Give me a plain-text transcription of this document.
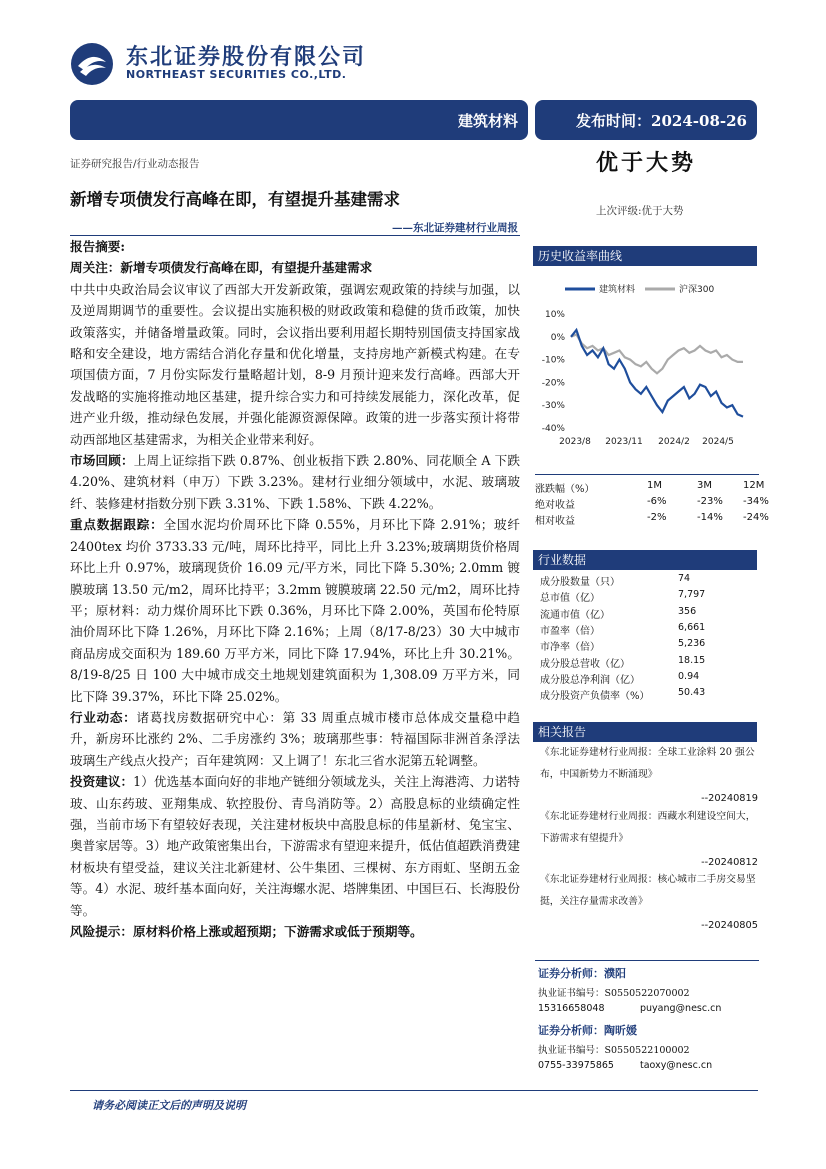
东北证券股份有限公司
NORTHEAST SECURITIES CO.,LTD.
建筑材料	发布时间：2024-08-26
证券研究报告/行业动态报告	优于大势
上次评级:优于大势
新增专项债发行高峰在即，有望提升基建需求
——东北证券建材行业周报

报告摘要:

周关注：新增专项债发行高峰在即，有望提升基建需求

中共中央政治局会议审议了西部大开发新政策，强调宏观政策的持续与加强，以及逆周期调节的重要性。会议提出实施积极的财政政策和稳健的货币政策，加快政策落实，并储备增量政策。同时，会议指出要利用超长期特别国债支持国家战略和安全建设，地方需结合消化存量和优化增量，支持房地产新模式构建。在专项国债方面，7 月份实际发行量略超计划，8-9 月预计迎来发行高峰。西部大开发战略的实施将推动地区基建，提升综合实力和可持续发展能力，深化改革，促进产业升级，推动绿色发展，并强化能源资源保障。政策的进一步落实预计将带动西部地区基建需求，为相关企业带来利好。

市场回顾：上周上证综指下跌 0.87%、创业板指下跌 2.80%、同花顺全 A 下跌 4.20%、建筑材料（申万）下跌 3.23%。建材行业细分领域中，水泥、玻璃玻纤、装修建材指数分别下跌 3.31%、下跌 1.58%、下跌 4.22%。

重点数据跟踪：全国水泥均价周环比下降 0.55%，月环比下降 2.91%；玻纤 2400tex 均价 3733.33 元/吨，周环比持平，同比上升 3.23%;玻璃期货价格周环比上升 0.97%，玻璃现货价 16.09 元/平方米，同比下降 5.30%; 2.0mm 镀膜玻璃 13.50 元/m2，周环比持平；3.2mm 镀膜玻璃 22.50 元/m2，周环比持平；原材料：动力煤价周环比下跌 0.36%，月环比下降 2.00%，英国布伦特原油价周环比下降 1.26%，月环比下降 2.16%；上周（8/17-8/23）30 大中城市商品房成交面积为 189.60 万平方米，同比下降 17.94%，环比上升 30.21%。8/19-8/25 日 100 大中城市成交土地规划建筑面积为 1,308.09 万平方米，同比下降 39.37%，环比下降 25.02%。

行业动态：诸葛找房数据研究中心：第 33 周重点城市楼市总体成交量稳中趋升，新房环比涨约 2%、二手房涨约 3%；玻璃那些事：特福国际非洲首条浮法玻璃生产线点火投产；百年建筑网：又上调了！东北三省水泥第五轮调整。

投资建议：1）优选基本面向好的非地产链细分领域龙头，关注上海港湾、力诺特玻、山东药玻、亚翔集成、软控股份、青鸟消防等。2）高股息标的业绩确定性强，当前市场下有望较好表现，关注建材板块中高股息标的伟星新材、兔宝宝、奥普家居等。3）地产政策密集出台，下游需求有望迎来提升，低估值超跌消费建材板块有望受益，建议关注北新建材、公牛集团、三棵树、东方雨虹、坚朗五金等。4）水泥、玻纤基本面向好，关注海螺水泥、塔牌集团、中国巨石、长海股份等。

风险提示：原材料价格上涨或超预期；下游需求或低于预期等。

历史收益率曲线
建筑材料	沪深300
10%
0%
-10%
-20%
-30%
-40%
2023/8 2023/11 2024/2 2024/5
涨跌幅（%）	1M	3M	12M
绝对收益	-6%	-23% -34%
相对收益	-2%	-14% -24%
行业数据
成分股数量（只）	74
总市值（亿）	7,797
流通市值（亿）	356
市盈率（倍）	6,661
市净率（倍）	5,236
成分股总营收（亿）	18.15
成分股总净利润（亿）	0.94
成分股资产负债率（%）	50.43
相关报告
《东北证券建材行业周报：全球工业涂料 20 强公布，中国新势力不断涌现》
--20240819
《东北证券建材行业周报：西藏水利建设空间大，下游需求有望提升》
--20240812
《东北证券建材行业周报：核心城市二手房交易坚挺，关注存量需求改善》
--20240805
证券分析师：濮阳
执业证书编号：S0550522070002
15316658048	puyang@nesc.cn
证券分析师：陶昕媛
执业证书编号：S0550522100002
0755-33975865	taoxy@nesc.cn
请务必阅读正文后的声明及说明
